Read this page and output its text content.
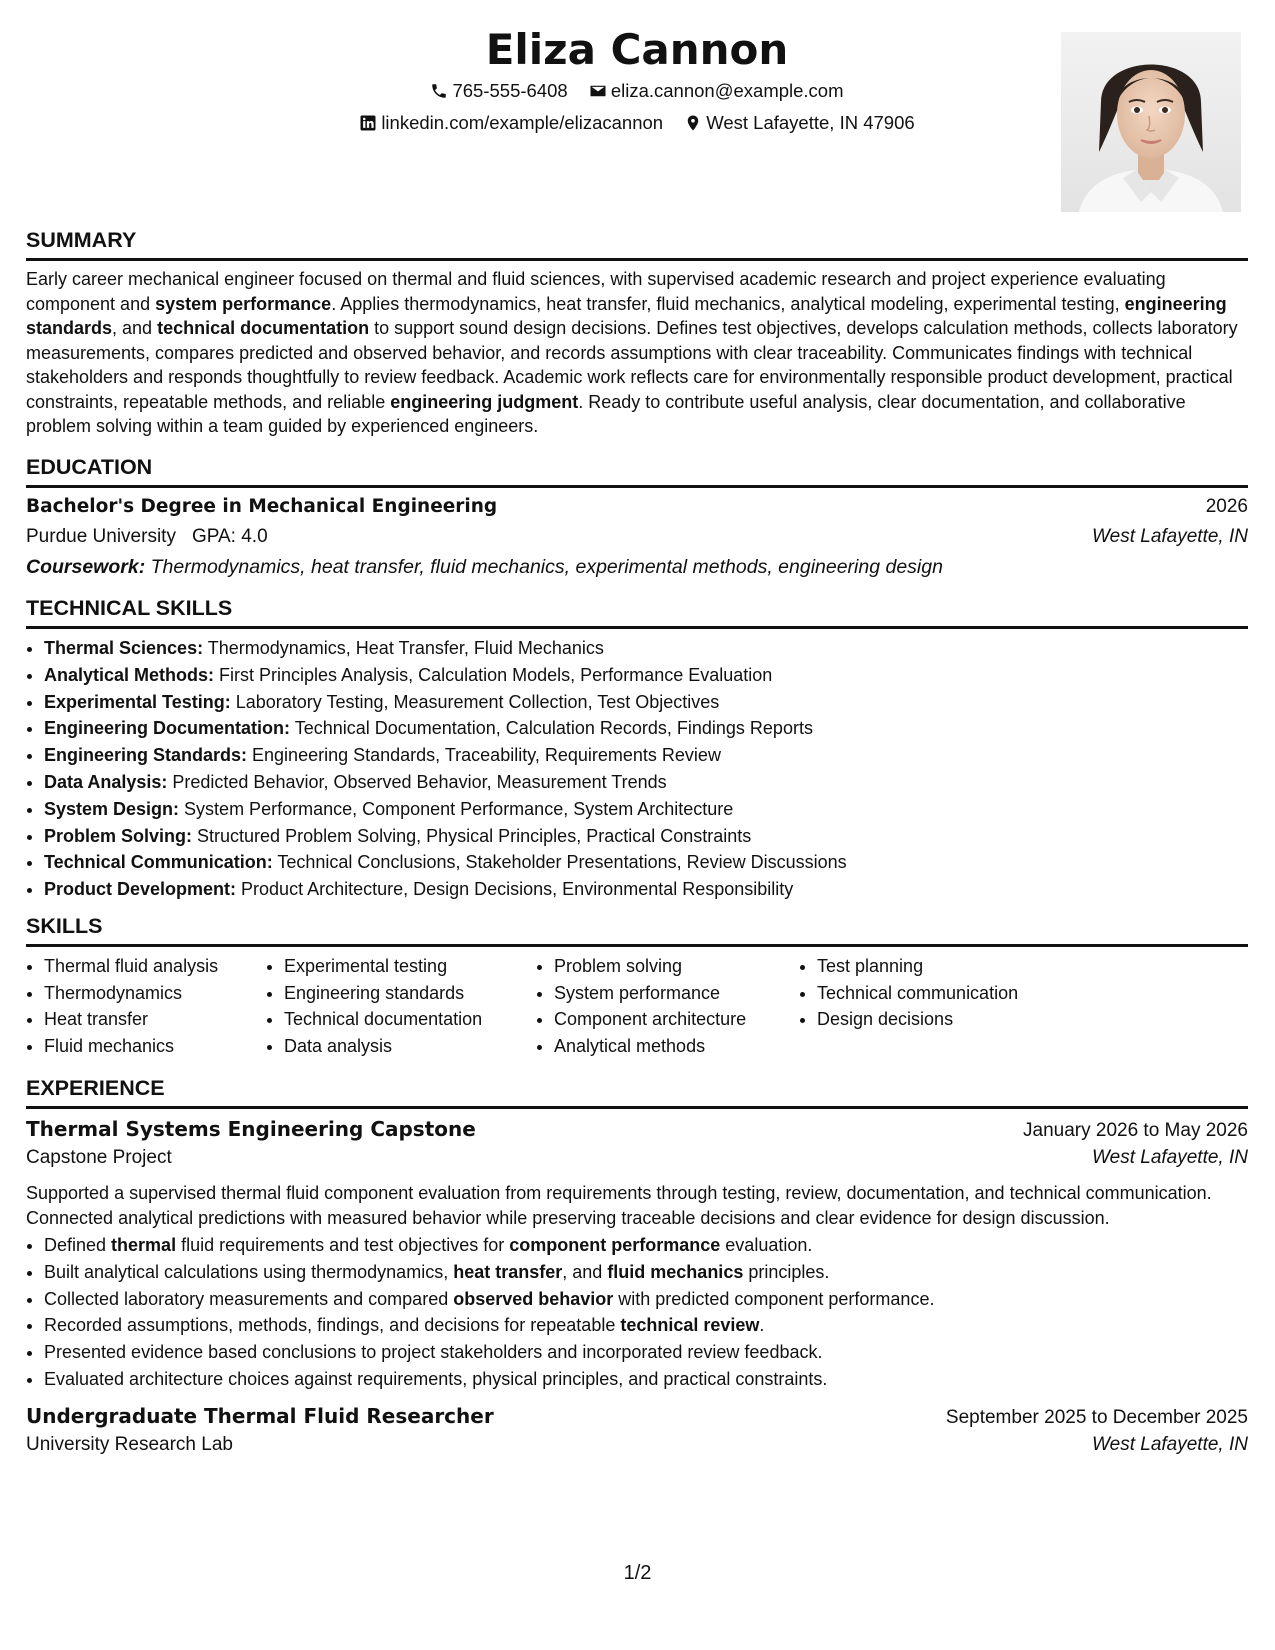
Eliza Cannon
765-555-6408
eliza.cannon@example.com
linkedin.com/example/elizacannon
West Lafayette, IN 47906
SUMMARY

Early career mechanical engineer focused on thermal and fluid sciences, with supervised academic research and project experience evaluating component and system performance. Applies thermodynamics, heat transfer, fluid mechanics, analytical modeling, experimental testing, engineering standards, and technical documentation to support sound design decisions. Defines test objectives, develops calculation methods, collects laboratory measurements, compares predicted and observed behavior, and records assumptions with clear traceability. Communicates findings with technical stakeholders and responds thoughtfully to review feedback. Academic work reflects care for environmentally responsible product development, practical constraints, repeatable methods, and reliable engineering judgment. Ready to contribute useful analysis, clear documentation, and collaborative problem solving within a team guided by experienced engineers.

EDUCATION
Bachelor's Degree in Mechanical Engineering	2026
Purdue University GPA: 4.0	West Lafayette, IN
Coursework: Thermodynamics, heat transfer, fluid mechanics, experimental methods, engineering design
TECHNICAL SKILLS
• Thermal Sciences: Thermodynamics, Heat Transfer, Fluid Mechanics
• Analytical Methods: First Principles Analysis, Calculation Models, Performance Evaluation
• Experimental Testing: Laboratory Testing, Measurement Collection, Test Objectives
• Engineering Documentation: Technical Documentation, Calculation Records, Findings Reports
• Engineering Standards: Engineering Standards, Traceability, Requirements Review
• Data Analysis: Predicted Behavior, Observed Behavior, Measurement Trends
• System Design: System Performance, Component Performance, System Architecture
• Problem Solving: Structured Problem Solving, Physical Principles, Practical Constraints
• Technical Communication: Technical Conclusions, Stakeholder Presentations, Review Discussions
• Product Development: Product Architecture, Design Decisions, Environmental Responsibility
SKILLS
• Thermal fluid analysis
• Thermodynamics
• Heat transfer
• Fluid mechanics
• Experimental testing
• Engineering standards
• Technical documentation
• Data analysis
• Problem solving
• System performance
• Component architecture
• Analytical methods
• Test planning
• Technical communication
• Design decisions
EXPERIENCE
Thermal Systems Engineering Capstone	January 2026 to May 2026
Capstone Project	West Lafayette, IN

Supported a supervised thermal fluid component evaluation from requirements through testing, review, documentation, and technical communication. Connected analytical predictions with measured behavior while preserving traceable decisions and clear evidence for design discussion.

• Defined thermal fluid requirements and test objectives for component performance evaluation.
• Built analytical calculations using thermodynamics, heat transfer, and fluid mechanics principles.
• Collected laboratory measurements and compared observed behavior with predicted component performance.
• Recorded assumptions, methods, findings, and decisions for repeatable technical review.
• Presented evidence based conclusions to project stakeholders and incorporated review feedback.
• Evaluated architecture choices against requirements, physical principles, and practical constraints.
Undergraduate Thermal Fluid Researcher	September 2025 to December 2025
University Research Lab	West Lafayette, IN
1/2
